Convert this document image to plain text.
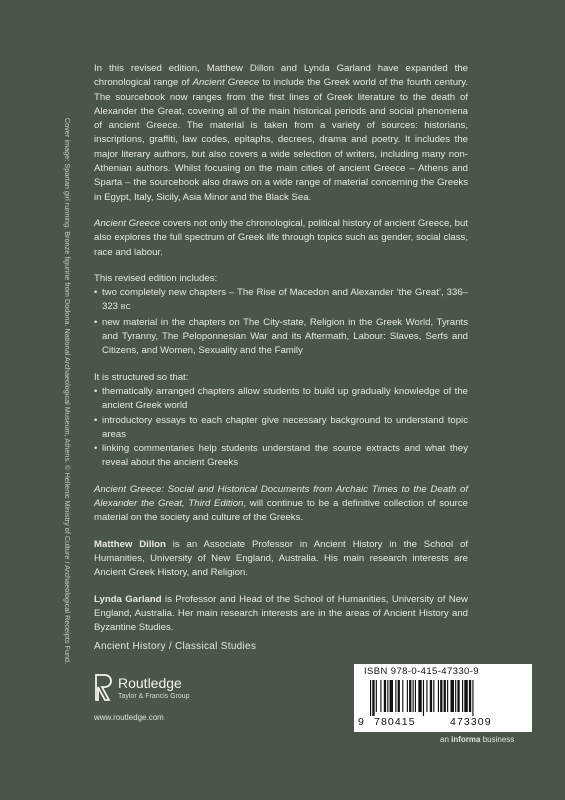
Cover image: Spartan girl running. Bronze figurine from Dodona. National Archaeological Museum, Athens. © Hellenic Ministry of Culture / Archaeological Receipts Fund.

In this revised edition, Matthew Dillon and Lynda Garland have expanded the chronological range of Ancient Greece to include the Greek world of the fourth century. The sourcebook now ranges from the first lines of Greek literature to the death of Alexander the Great, covering all of the main historical periods and social phenomena of ancient Greece. The material is taken from a variety of sources: historians, inscriptions, graffiti, law codes, epitaphs, decrees, drama and poetry. It includes the major literary authors, but also covers a wide selection of writers, including many non-Athenian authors. Whilst focusing on the main cities of ancient Greece – Athens and Sparta – the sourcebook also draws on a wide range of material concerning the Greeks in Egypt, Italy, Sicily, Asia Minor and the Black Sea.

Ancient Greece covers not only the chronological, political history of ancient Greece, but also explores the full spectrum of Greek life through topics such as gender, social class, race and labour.

This revised edition includes:

• two completely new chapters – The Rise of Macedon and Alexander ‘the Great’, 336–323 BC
• new material in the chapters on The City-state, Religion in the Greek World, Tyrants and Tyranny, The Peloponnesian War and its Aftermath, Labour: Slaves, Serfs and Citizens, and Women, Sexuality and the Family

It is structured so that:

• thematically arranged chapters allow students to build up gradually knowledge of the ancient Greek world
• introductory essays to each chapter give necessary background to understand topic areas
• linking commentaries help students understand the source extracts and what they reveal about the ancient Greeks

Ancient Greece: Social and Historical Documents from Archaic Times to the Death of Alexander the Great, Third Edition, will continue to be a definitive collection of source material on the society and culture of the Greeks.

Matthew Dillon is an Associate Professor in Ancient History in the School of Humanities, University of New England, Australia. His main research interests are Ancient Greek History, and Religion.

Lynda Garland is Professor and Head of the School of Humanities, University of New England, Australia. Her main research interests are in the areas of Ancient History and Byzantine Studies.

Ancient History / Classical Studies
Routledge
Taylor & Francis Group
www.routledge.com
ISBN 978-0-415-47330-9
9 780415	473309
an informa business
